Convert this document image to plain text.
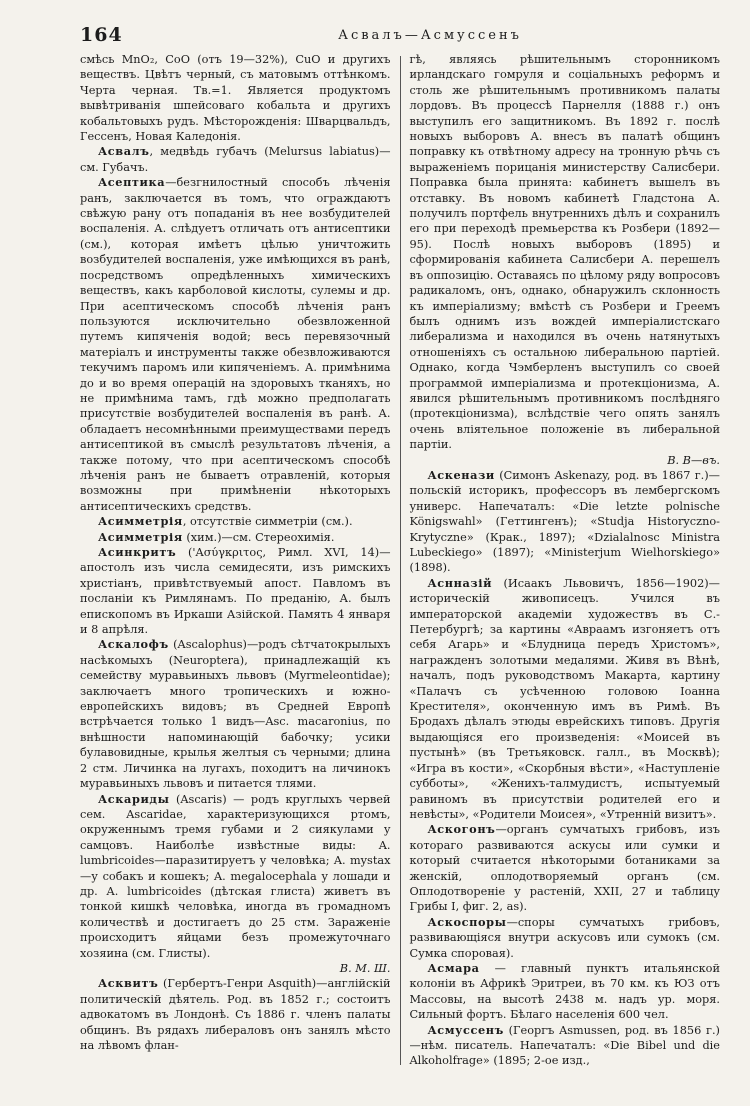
164	Асвалъ—Асмуссенъ

смѣсь MnO₂, CoO (отъ 19—32%), CuO и другихъ веществъ. Цвѣтъ черный, съ матовымъ оттѣнкомъ. Черта черная. Тв.=1. Является продуктомъ вывѣтриванія шпейсоваго кобальта и другихъ кобальтовыхъ рудъ. Мѣсторожденія: Шварцвальдъ, Гессенъ, Новая Каледонія.

Асвалъ, медвѣдь губачъ (Melursus labiatus)—см. Губачъ.

Асептика—безгнилостный способъ лѣченія ранъ, заключается въ томъ, что ограждаютъ свѣжую рану отъ попаданія въ нее возбудителей воспаленія. А. слѣдуетъ отличать отъ антисептики (см.), которая имѣетъ цѣлью уничтожить возбудителей воспаленія, уже имѣющихся въ ранѣ, посредствомъ опредѣленныхъ химическихъ веществъ, какъ карболовой кислоты, сулемы и др. При асептическомъ способѣ лѣченія ранъ пользуются исключительно обезвложенной путемъ кипяченія водой; весь перевязочный матеріалъ и инструменты также обезвложиваются текучимъ паромъ или кипяченіемъ. А. примѣнима до и во время операцій на здоровыхъ тканяхъ, но не примѣнима тамъ, гдѣ можно предполагать присутствіе возбудителей воспаленія въ ранѣ. А. обладаетъ несомнѣнными преимуществами передъ антисептикой въ смыслѣ результатовъ лѣченія, а также потому, что при асептическомъ способѣ лѣченія ранъ не бываетъ отравленій, которыя возможны при примѣненіи нѣкоторыхъ антисептическихъ средствъ.

Асимметрія, отсутствіе симметріи (см.).

Асимметрія (хим.)—см. Стереохимія.

Асинкритъ ('Ασύγκριτος, Римл. XVI, 14)—апостолъ изъ числа семидесяти, изъ римскихъ христіанъ, привѣтствуемый апост. Павломъ въ посланіи къ Римлянамъ. По преданію, А. былъ епископомъ въ Иркаши Азійской. Память 4 января и 8 апрѣля.

Аскалофъ (Ascalophus)—родъ сѣтчатокрылыхъ насѣкомыхъ (Neuroptera), принадлежащій къ семейству муравьиныхъ львовъ (Myrmeleontidae); заключаетъ много тропическихъ и южно-европейскихъ видовъ; въ Средней Европѣ встрѣчается только 1 видъ—Asc. macaronius, по внѣшности напоминающій бабочку; усики булавовидные, крылья желтыя съ черными; длина 2 стм. Личинка на лугахъ, походитъ на личинокъ муравьиныхъ львовъ и питается тлями.

Аскариды (Ascaris) — родъ круглыхъ червей сем. Ascaridae, характеризующихся ртомъ, окруженнымъ тремя губами и 2 сиякулами у самцовъ. Наиболѣе извѣстные виды: A. lumbricoides—паразитируетъ у человѣка; A. mystax—у собакъ и кошекъ; A. megalocephala у лошади и др. A. lumbricoides (дѣтская глиста) живетъ въ тонкой кишкѣ человѣка, иногда въ громадномъ количествѣ и достигаетъ до 25 стм. Зараженіе происходитъ яйцами безъ промежуточнаго хозяина (см. Глисты).

В. М. Ш.

Асквитъ (Гербертъ-Генри Asquith)—англійскій политическій дѣятель. Род. въ 1852 г.; состоитъ адвокатомъ въ Лондонѣ. Съ 1886 г. членъ палаты общинъ. Въ рядахъ либераловъ онъ занялъ мѣсто на лѣвомъ флан-

гѣ, являясь рѣшительнымъ сторонникомъ ирландскаго гомруля и соціальныхъ реформъ и столь же рѣшительнымъ противникомъ палаты лордовъ. Въ процессѣ Парнелля (1888 г.) онъ выступилъ его защитникомъ. Въ 1892 г. послѣ новыхъ выборовъ А. внесъ въ палатѣ общинъ поправку къ отвѣтному адресу на тронную рѣчь съ выраженіемъ порицанія министерству Салисбери. Поправка была принята: кабинетъ вышелъ въ отставку. Въ новомъ кабинетѣ Гладстона А. получилъ портфель внутреннихъ дѣлъ и сохранилъ его при переходѣ премьерства къ Розбери (1892—95). Послѣ новыхъ выборовъ (1895) и сформированія кабинета Салисбери А. перешелъ въ оппозицію. Оставаясь по цѣлому ряду вопросовъ радикаломъ, онъ, однако, обнаружилъ склонность къ имперіализму; вмѣстѣ съ Розбери и Греемъ былъ однимъ изъ вождей имперіалистскаго либерализма и находился въ очень натянутыхъ отношеніяхъ съ остальною либеральною партіей. Однако, когда Чэмберленъ выступилъ со своей программой имперіализма и протекціонизма, А. явился рѣшительнымъ противникомъ послѣдняго (протекціонизма), вслѣдствіе чего опять занялъ очень вліятельное положеніе въ либеральной партіи.

В. В—въ.

Аскенази (Симонъ Askenazy, род. въ 1867 г.)—польскій историкъ, профессоръ въ лембергскомъ универс. Напечаталъ: «Die letzte polnische Königswahl» (Геттингенъ); «Studja Historyczno-Krytyczne» (Крак., 1897); «Dzialalnosc Ministra Lubeckiego» (1897); «Ministerjum Wielhorskiego» (1898).

Аснназій (Исаакъ Львовичъ, 1856—1902)—историческій живописецъ. Учился въ императорской академіи художествъ въ С.-Петербургѣ; за картины «Авраамъ изгоняетъ отъ себя Агарь» и «Блудница передъ Христомъ», награжденъ золотыми медалями. Живя въ Вѣнѣ, началъ, подъ руководствомъ Макарта, картину «Палачъ съ усѣченною головою Іоанна Крестителя», оконченную имъ въ Римѣ. Въ Бродахъ дѣлалъ этюды еврейскихъ типовъ. Другія выдающіяся его произведенія: «Моисей въ пустынѣ» (въ Третьяковск. галл., въ Москвѣ); «Игра въ кости», «Скорбныя вѣсти», «Наступленіе субботы», «Женихъ-талмудистъ, испытуемый равиномъ въ присутствіи родителей его и невѣсты», «Родители Моисея», «Утренній визитъ».

Аскогонъ—органъ сумчатыхъ грибовъ, изъ котораго развиваются аскусы или сумки и который считается нѣкоторыми ботаниками за женскій, оплодотворяемый органъ (см. Оплодотвореніе у растеній, XXII, 27 и таблицу Грибы I, фиг. 2, as).

Аскоспоры—споры сумчатыхъ грибовъ, развивающіяся внутри аскусовъ или сумокъ (см. Сумка споровая).

Асмара — главный пунктъ итальянской колоніи въ Африкѣ Эритреи, въ 70 км. къ ЮЗ отъ Массовы, на высотѣ 2438 м. надъ ур. моря. Сильный фортъ. Бѣлаго населенія 600 чел.

Асмуссенъ (Георгъ Asmussen, род. въ 1856 г.)—нѣм. писатель. Напечаталъ: «Die Bibel und die Alkoholfrage» (1895; 2-ое изд.,
